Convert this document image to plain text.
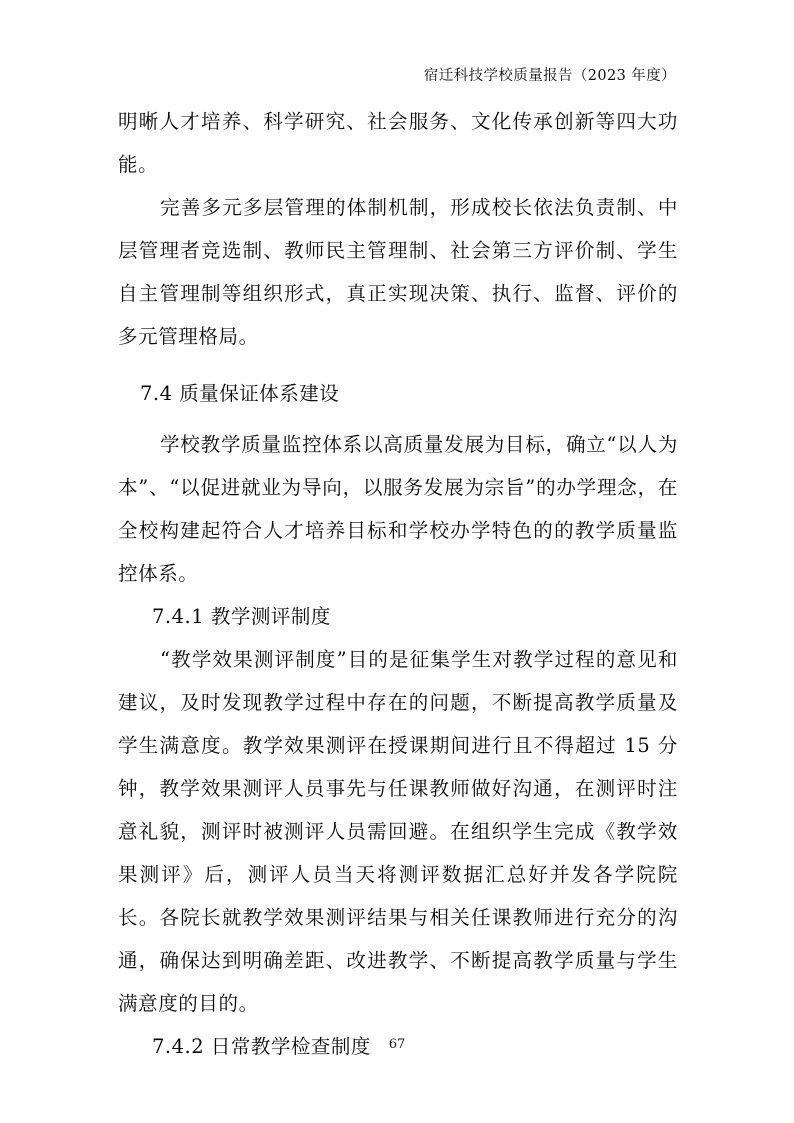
宿迁科技学校质量报告（2023 年度）

明晰人才培养、科学研究、社会服务、文化传承创新等四大功能。

完善多元多层管理的体制机制，形成校长依法负责制、中层管理者竞选制、教师民主管理制、社会第三方评价制、学生自主管理制等组织形式，真正实现决策、执行、监督、评价的多元管理格局。

7.4 质量保证体系建设

学校教学质量监控体系以高质量发展为目标，确立“以人为本”、“以促进就业为导向，以服务发展为宗旨”的办学理念，在全校构建起符合人才培养目标和学校办学特色的的教学质量监控体系。

7.4.1 教学测评制度

“教学效果测评制度”目的是征集学生对教学过程的意见和建议，及时发现教学过程中存在的问题，不断提高教学质量及学生满意度。教学效果测评在授课期间进行且不得超过 15 分钟，教学效果测评人员事先与任课教师做好沟通，在测评时注意礼貌，测评时被测评人员需回避。在组织学生完成《教学效果测评》后，测评人员当天将测评数据汇总好并发各学院院长。各院长就教学效果测评结果与相关任课教师进行充分的沟通，确保达到明确差距、改进教学、不断提高教学质量与学生满意度的目的。

7.4.2 日常教学检查制度	67
